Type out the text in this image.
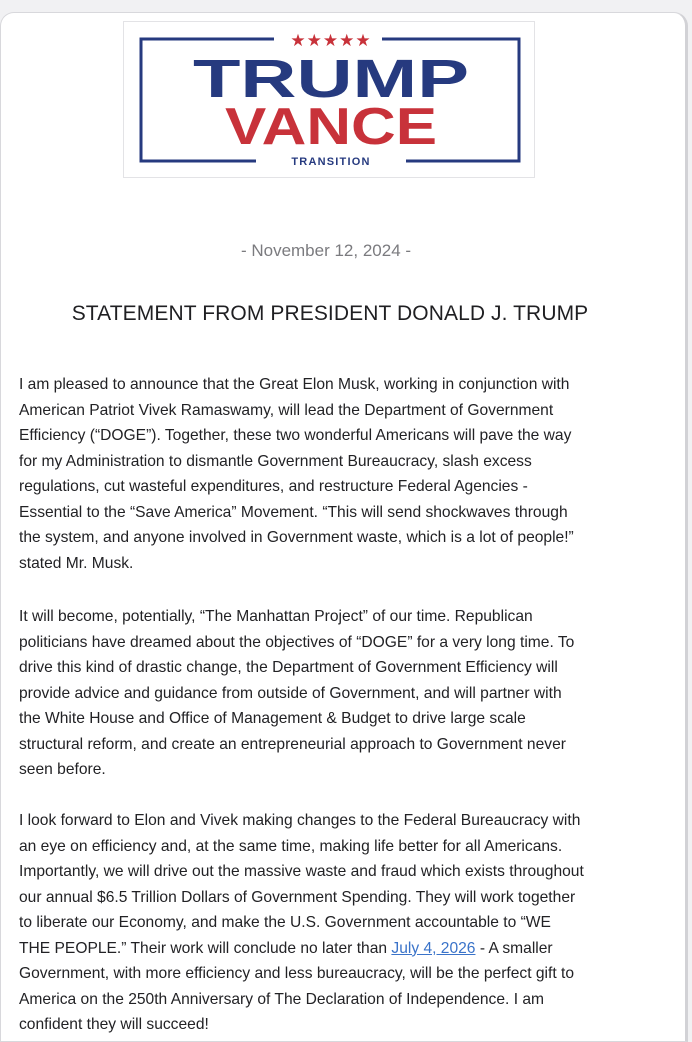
★★★★★
TRUMP
VANCE
TRANSITION
- November 12, 2024 -
STATEMENT FROM PRESIDENT DONALD J. TRUMP

I am pleased to announce that the Great Elon Musk, working in conjunction with
American Patriot Vivek Ramaswamy, will lead the Department of Government
Efficiency (“DOGE”). Together, these two wonderful Americans will pave the way
for my Administration to dismantle Government Bureaucracy, slash excess
regulations, cut wasteful expenditures, and restructure Federal Agencies -
Essential to the “Save America” Movement. “This will send shockwaves through
the system, and anyone involved in Government waste, which is a lot of people!”
stated Mr. Musk.

It will become, potentially, “The Manhattan Project” of our time. Republican
politicians have dreamed about the objectives of “DOGE” for a very long time. To
drive this kind of drastic change, the Department of Government Efficiency will
provide advice and guidance from outside of Government, and will partner with
the White House and Office of Management & Budget to drive large scale
structural reform, and create an entrepreneurial approach to Government never
seen before.

I look forward to Elon and Vivek making changes to the Federal Bureaucracy with
an eye on efficiency and, at the same time, making life better for all Americans.
Importantly, we will drive out the massive waste and fraud which exists throughout
our annual $6.5 Trillion Dollars of Government Spending. They will work together
to liberate our Economy, and make the U.S. Government accountable to “WE
THE PEOPLE.” Their work will conclude no later than July 4, 2026 - A smaller
Government, with more efficiency and less bureaucracy, will be the perfect gift to
America on the 250th Anniversary of The Declaration of Independence. I am
confident they will succeed!
